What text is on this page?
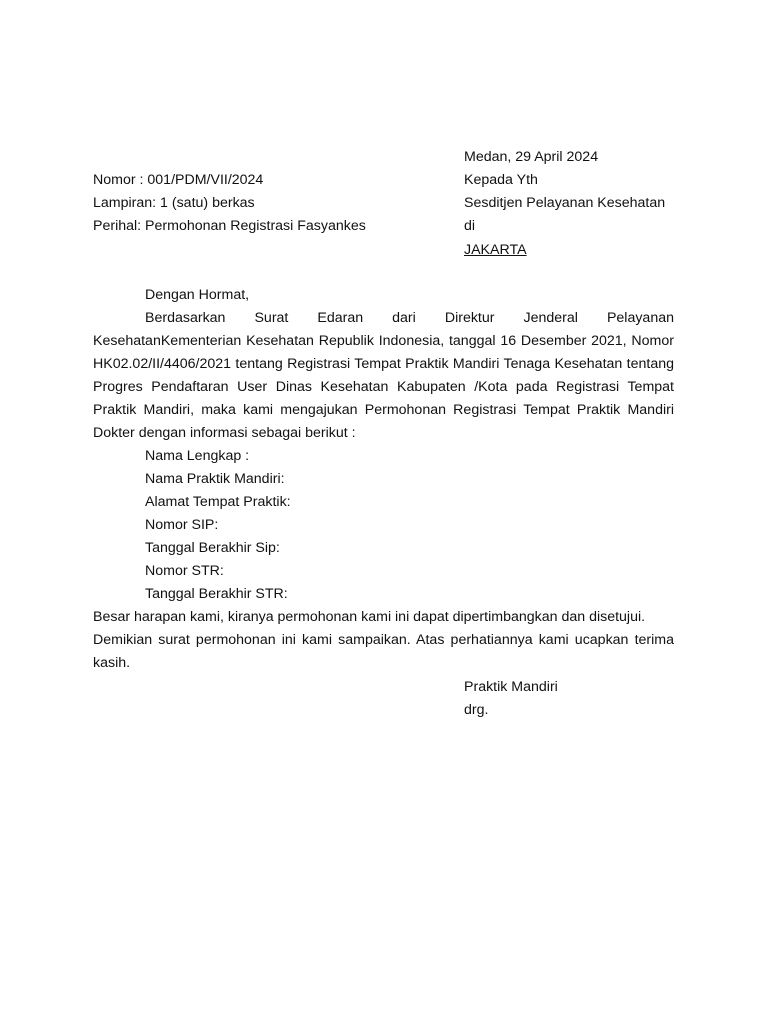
Medan, 29 April 2024
Kepada Yth
Sesditjen Pelayanan Kesehatan
di
JAKARTA
Nomor : 001/PDM/VII/2024
Lampiran: 1 (satu) berkas
Perihal: Permohonan Registrasi Fasyankes
Dengan Hormat,
Berdasarkan Surat Edaran dari Direktur Jenderal Pelayanan
KesehatanKementerian Kesehatan Republik Indonesia, tanggal 16 Desember 2021, Nomor
HK02.02/II/4406/2021 tentang Registrasi Tempat Praktik Mandiri Tenaga Kesehatan tentang
Progres Pendaftaran User Dinas Kesehatan Kabupaten /Kota pada Registrasi Tempat
Praktik Mandiri, maka kami mengajukan Permohonan Registrasi Tempat Praktik Mandiri
Dokter dengan informasi sebagai berikut :
Nama Lengkap :
Nama Praktik Mandiri:
Alamat Tempat Praktik:
Nomor SIP:
Tanggal Berakhir Sip:
Nomor STR:
Tanggal Berakhir STR:
Besar harapan kami, kiranya permohonan kami ini dapat dipertimbangkan dan disetujui.
Demikian surat permohonan ini kami sampaikan. Atas perhatiannya kami ucapkan terima
kasih.
Praktik Mandiri
drg.
